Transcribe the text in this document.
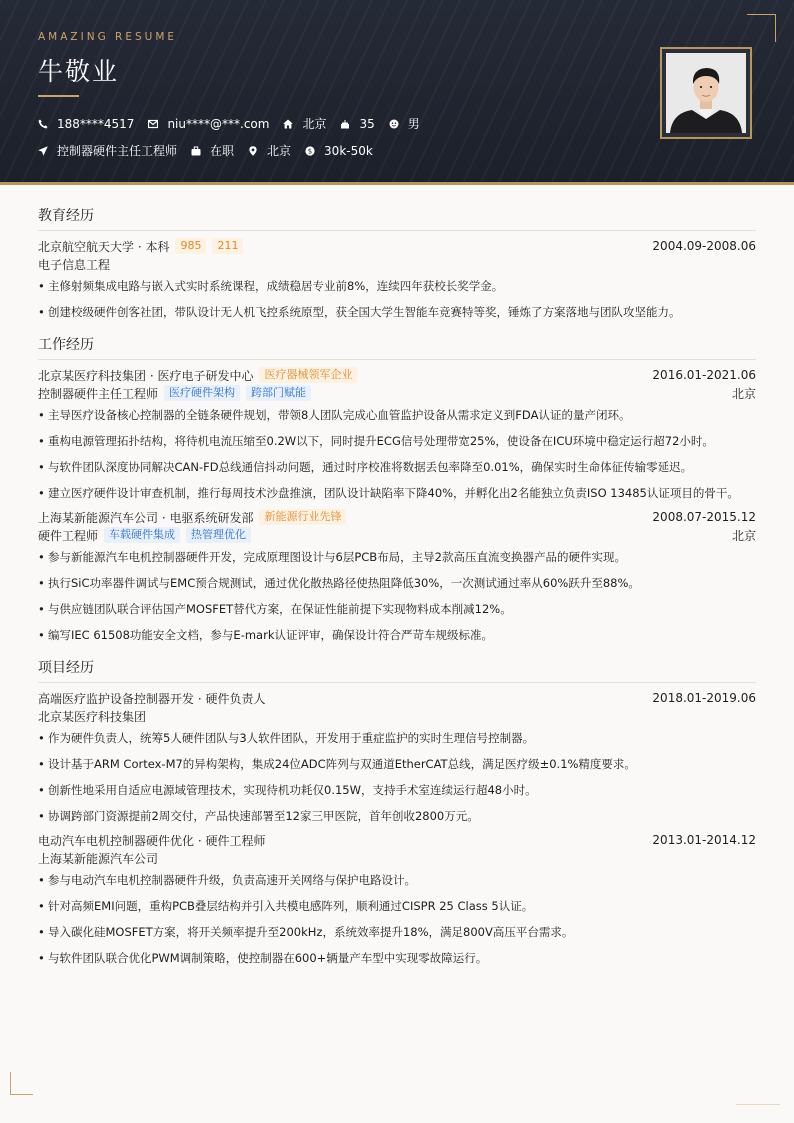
AMAZING RESUME
牛敬业
188****4517	niu****@***.com	北京	35	男
控制器硬件主任工程师	在职	北京 $ 30k-50k
教育经历
北京航空航天大学 · 本科	985	211	2004.09-2008.06
电子信息工程
• 主修射频集成电路与嵌入式实时系统课程，成绩稳居专业前8%，连续四年获校长奖学金。
• 创建校级硬件创客社团，带队设计无人机飞控系统原型，获全国大学生智能车竞赛特等奖，锤炼了方案落地与团队攻坚能力。
工作经历
北京某医疗科技集团 · 医疗电子研发中心	医疗器械领军企业	2016.01-2021.06
控制器硬件主任工程师	医疗硬件架构	跨部门赋能	北京
• 主导医疗设备核心控制器的全链条硬件规划，带领8人团队完成心血管监护设备从需求定义到FDA认证的量产闭环。
• 重构电源管理拓扑结构，将待机电流压缩至0.2W以下，同时提升ECG信号处理带宽25%，使设备在ICU环境中稳定运行超72小时。
• 与软件团队深度协同解决CAN-FD总线通信抖动问题，通过时序校准将数据丢包率降至0.01%，确保实时生命体征传输零延迟。
• 建立医疗硬件设计审查机制，推行每周技术沙盘推演，团队设计缺陷率下降40%，并孵化出2名能独立负责ISO 13485认证项目的骨干。
上海某新能源汽车公司 · 电驱系统研发部	新能源行业先锋	2008.07-2015.12
硬件工程师	车载硬件集成	热管理优化	北京
• 参与新能源汽车电机控制器硬件开发，完成原理图设计与6层PCB布局，主导2款高压直流变换器产品的硬件实现。
• 执行SiC功率器件调试与EMC预合规测试，通过优化散热路径使热阻降低30%，一次测试通过率从60%跃升至88%。
• 与供应链团队联合评估国产MOSFET替代方案，在保证性能前提下实现物料成本削减12%。
• 编写IEC 61508功能安全文档，参与E-mark认证评审，确保设计符合严苛车规级标准。
项目经历
高端医疗监护设备控制器开发 · 硬件负责人	2018.01-2019.06
北京某医疗科技集团
• 作为硬件负责人，统筹5人硬件团队与3人软件团队，开发用于重症监护的实时生理信号控制器。
• 设计基于ARM Cortex-M7的异构架构，集成24位ADC阵列与双通道EtherCAT总线，满足医疗级±0.1%精度要求。
• 创新性地采用自适应电源域管理技术，实现待机功耗仅0.15W，支持手术室连续运行超48小时。
• 协调跨部门资源提前2周交付，产品快速部署至12家三甲医院，首年创收2800万元。
电动汽车电机控制器硬件优化 · 硬件工程师	2013.01-2014.12
上海某新能源汽车公司
• 参与电动汽车电机控制器硬件升级，负责高速开关网络与保护电路设计。
• 针对高频EMI问题，重构PCB叠层结构并引入共模电感阵列，顺利通过CISPR 25 Class 5认证。
• 导入碳化硅MOSFET方案，将开关频率提升至200kHz，系统效率提升18%，满足800V高压平台需求。
• 与软件团队联合优化PWM调制策略，使控制器在600+辆量产车型中实现零故障运行。
